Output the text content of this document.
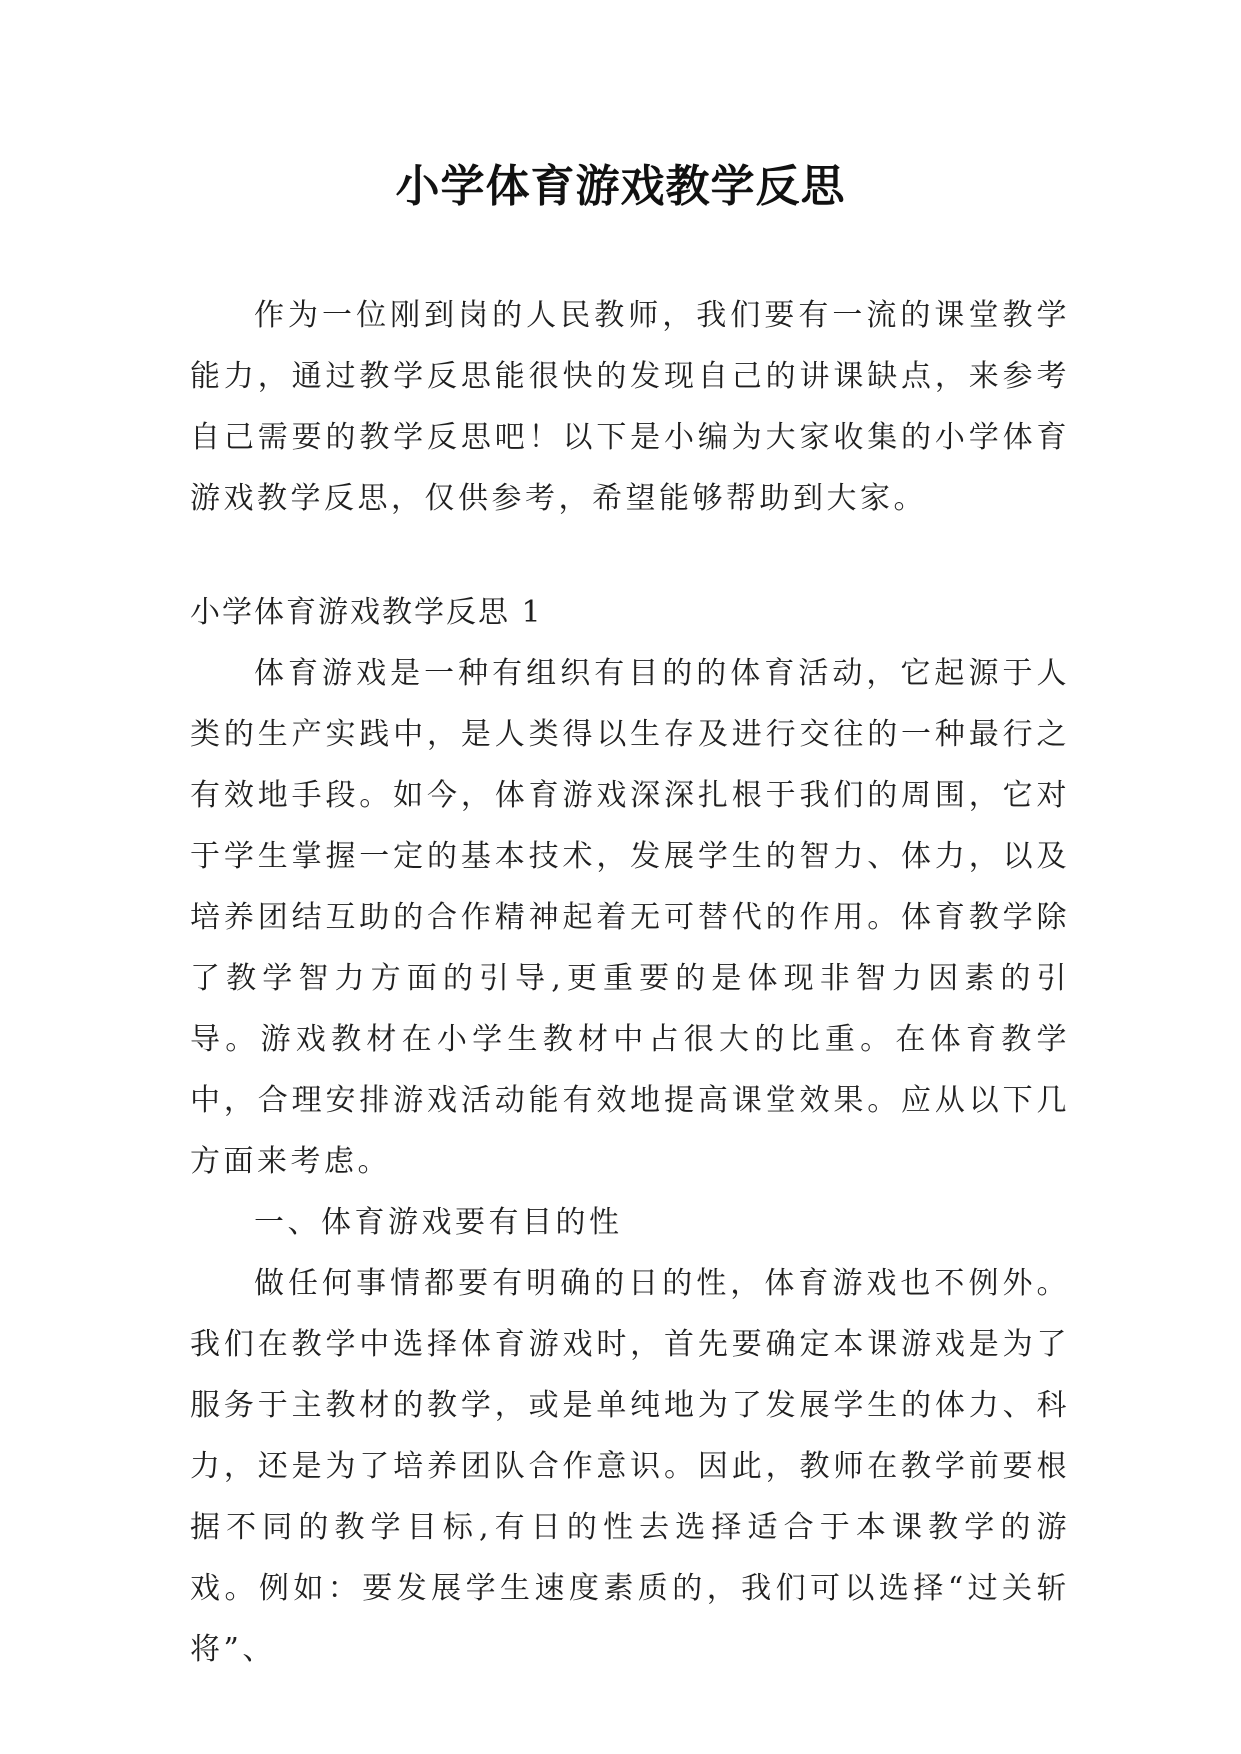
小学体育游戏教学反思

作为一位刚到岗的人民教师，我们要有一流的课堂教学能力，通过教学反思能很快的发现自己的讲课缺点，来参考自己需要的教学反思吧！以下是小编为大家收集的小学体育游戏教学反思，仅供参考，希望能够帮助到大家。

小学体育游戏教学反思 1

体育游戏是一种有组织有目的的体育活动，它起源于人类的生产实践中，是人类得以生存及进行交往的一种最行之有效地手段。如今，体育游戏深深扎根于我们的周围，它对于学生掌握一定的基本技术，发展学生的智力、体力，以及培养团结互助的合作精神起着无可替代的作用。体育教学除了教学智力方面的引导,更重要的是体现非智力因素的引导。游戏教材在小学生教材中占很大的比重。在体育教学中，合理安排游戏活动能有效地提高课堂效果。应从以下几方面来考虑。

一、体育游戏要有目的性

做任何事情都要有明确的日的性，体育游戏也不例外。我们在教学中选择体育游戏时，首先要确定本课游戏是为了服务于主教材的教学，或是单纯地为了发展学生的体力、科力，还是为了培养团队合作意识。因此，教师在教学前要根据不同的教学目标,有日的性去选择适合于本课教学的游戏。例如：要发展学生速度素质的，我们可以选择“过关斩将”、
